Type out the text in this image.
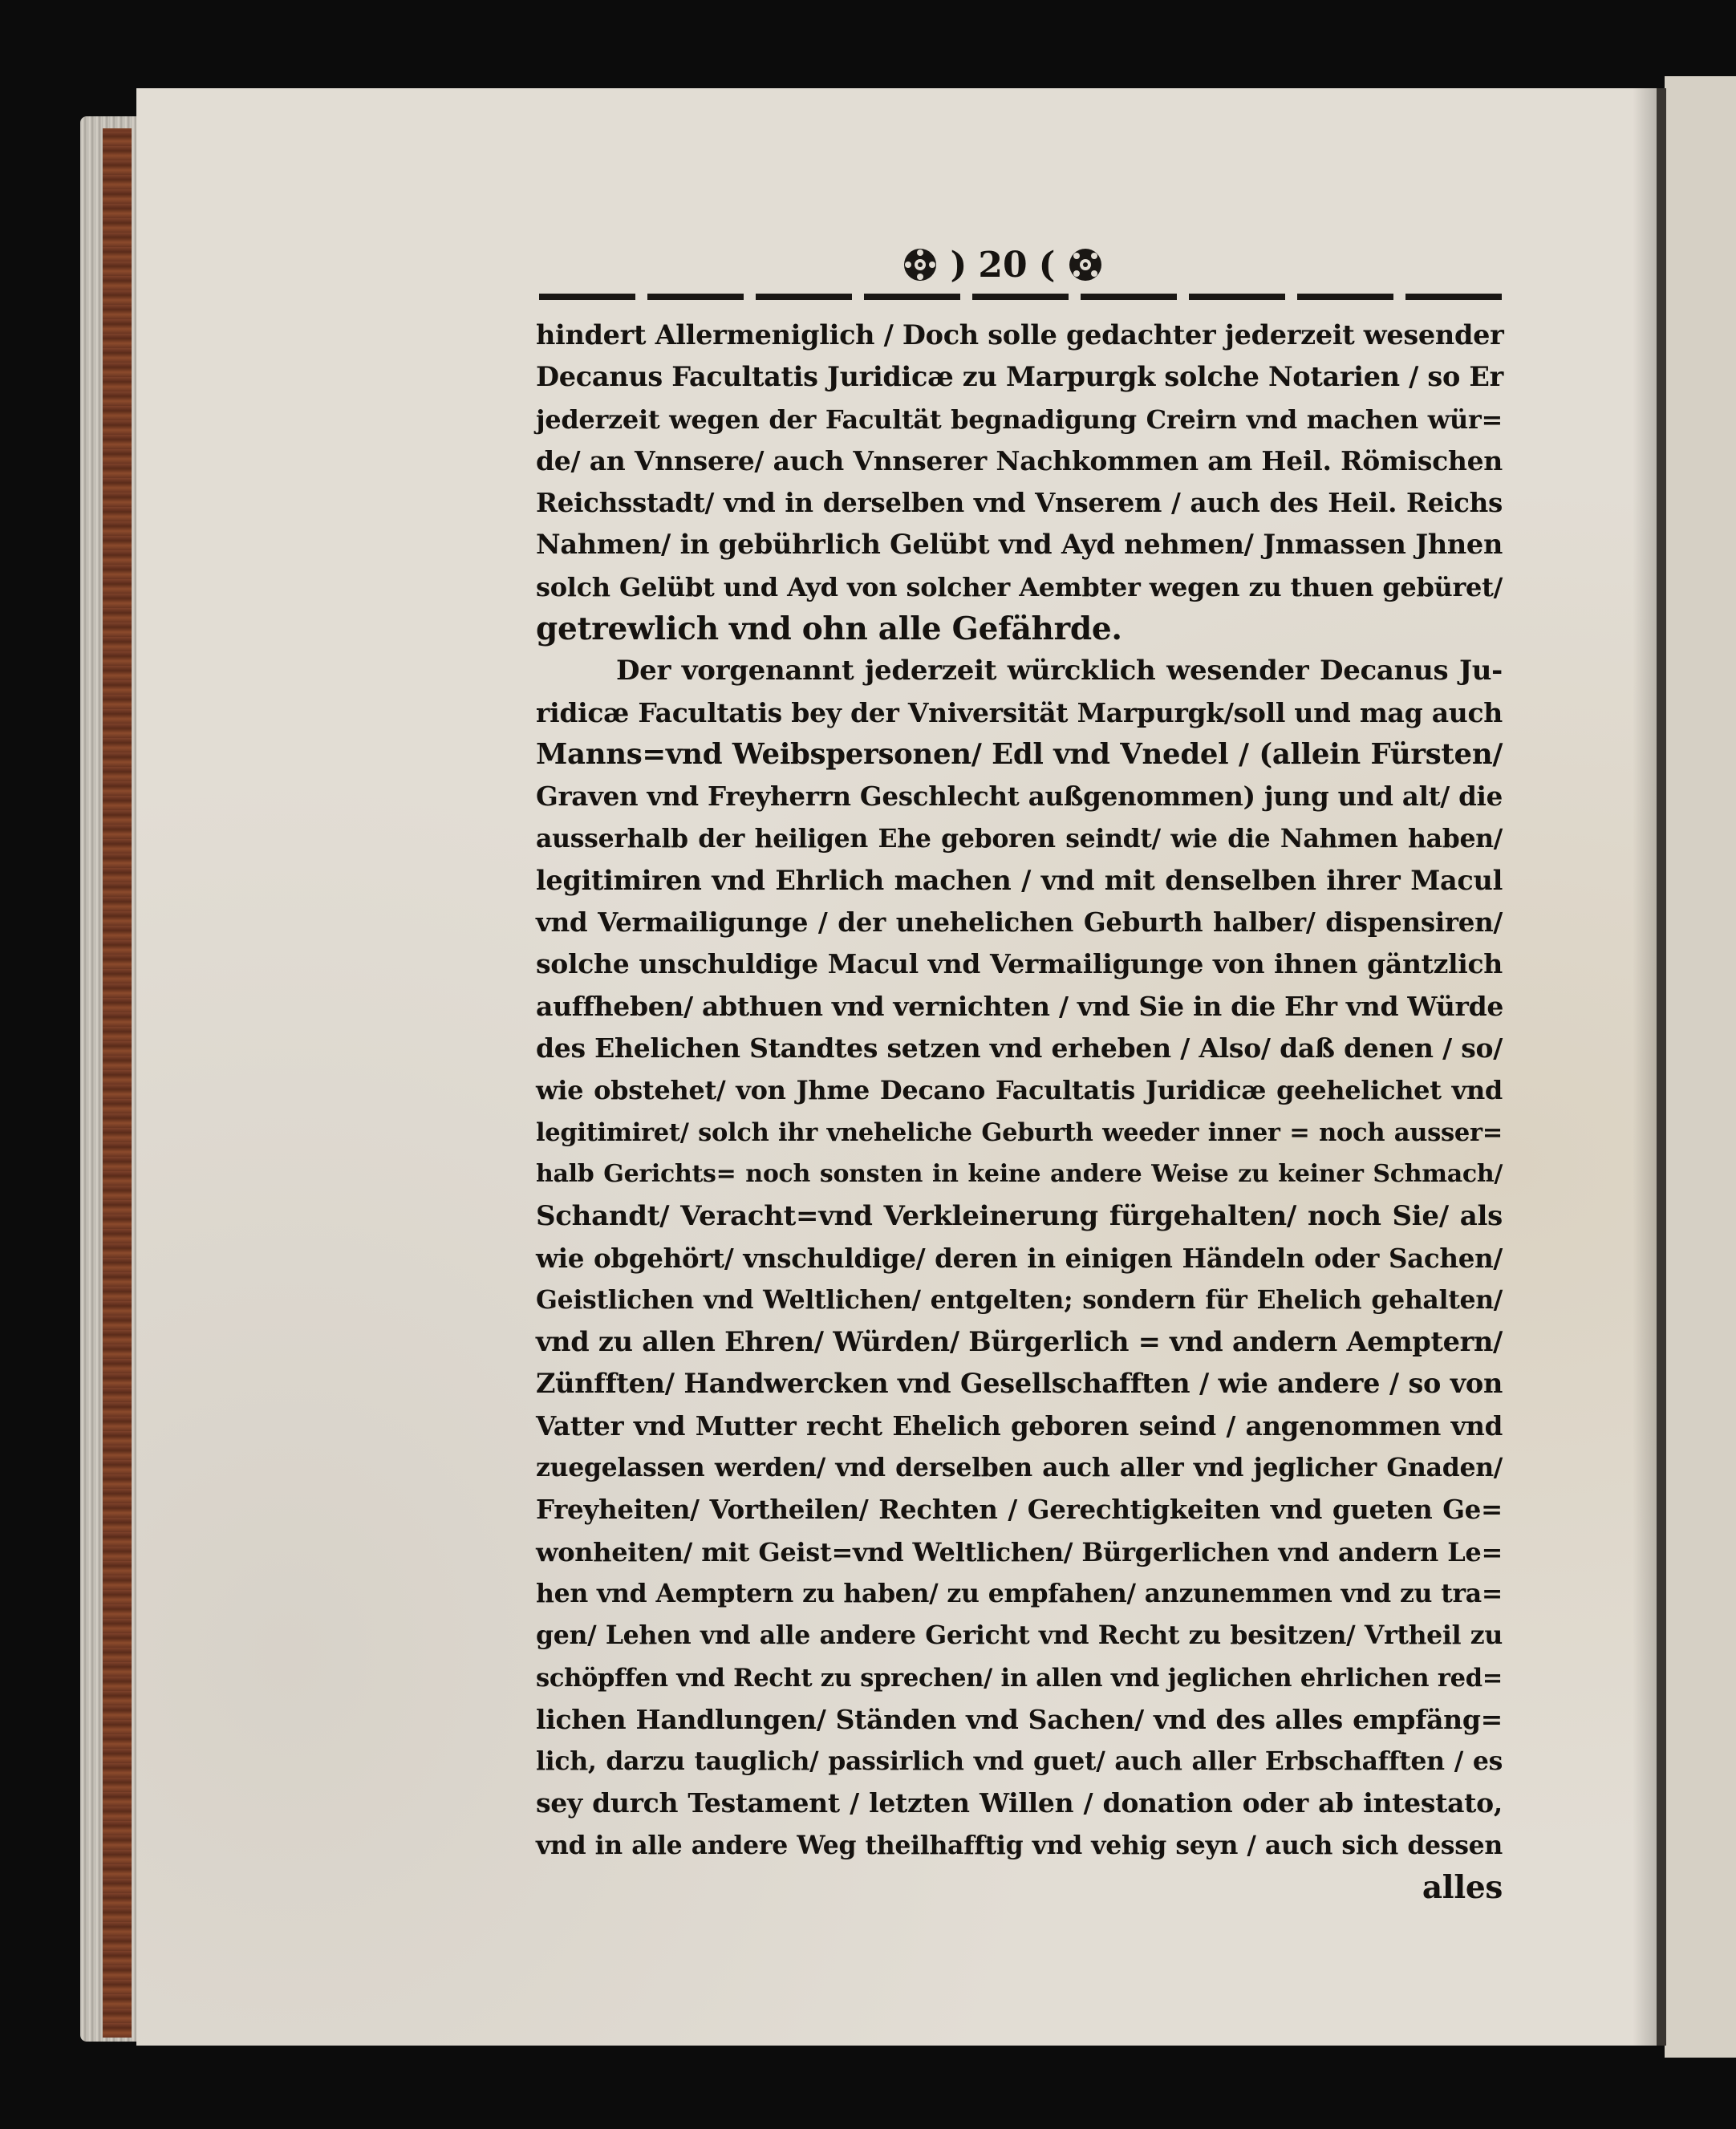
) 20 (
hindert Allermeniglich / Doch solle gedachter jederzeit wesender
Decanus Facultatis Juridicæ zu Marpurgk solche Notarien / so Er
jederzeit wegen der Facultät begnadigung Creirn vnd machen wür=
de/ an Vnnsere/ auch Vnnserer Nachkommen am Heil. Römischen
Reichsstadt/ vnd in derselben vnd Vnserem / auch des Heil. Reichs
Nahmen/ in gebührlich Gelübt vnd Ayd nehmen/ Jnmassen Jhnen
solch Gelübt und Ayd von solcher Aembter wegen zu thuen gebüret/
getrewlich vnd ohn alle Gefährde.
Der vorgenannt jederzeit würcklich wesender Decanus Ju-
ridicæ Facultatis bey der Vniversität Marpurgk/soll und mag auch
Manns=vnd Weibspersonen/ Edl vnd Vnedel / (allein Fürsten/
Graven vnd Freyherrn Geschlecht außgenommen) jung und alt/ die
ausserhalb der heiligen Ehe geboren seindt/ wie die Nahmen haben/
legitimiren vnd Ehrlich machen / vnd mit denselben ihrer Macul
vnd Vermailigunge / der unehelichen Geburth halber/ dispensiren/
solche unschuldige Macul vnd Vermailigunge von ihnen gäntzlich
auffheben/ abthuen vnd vernichten / vnd Sie in die Ehr vnd Würde
des Ehelichen Standtes setzen vnd erheben / Also/ daß denen / so/
wie obstehet/ von Jhme Decano Facultatis Juridicæ geehelichet vnd
legitimiret/ solch ihr vneheliche Geburth weeder inner = noch ausser=
halb Gerichts= noch sonsten in keine andere Weise zu keiner Schmach/
Schandt/ Veracht=vnd Verkleinerung fürgehalten/ noch Sie/ als
wie obgehört/ vnschuldige/ deren in einigen Händeln oder Sachen/
Geistlichen vnd Weltlichen/ entgelten; sondern für Ehelich gehalten/
vnd zu allen Ehren/ Würden/ Bürgerlich = vnd andern Aemptern/
Zünfften/ Handwercken vnd Gesellschafften / wie andere / so von
Vatter vnd Mutter recht Ehelich geboren seind / angenommen vnd
zuegelassen werden/ vnd derselben auch aller vnd jeglicher Gnaden/
Freyheiten/ Vortheilen/ Rechten / Gerechtigkeiten vnd gueten Ge=
wonheiten/ mit Geist=vnd Weltlichen/ Bürgerlichen vnd andern Le=
hen vnd Aemptern zu haben/ zu empfahen/ anzunemmen vnd zu tra=
gen/ Lehen vnd alle andere Gericht vnd Recht zu besitzen/ Vrtheil zu
schöpffen vnd Recht zu sprechen/ in allen vnd jeglichen ehrlichen red=
lichen Handlungen/ Ständen vnd Sachen/ vnd des alles empfäng=
lich, darzu tauglich/ passirlich vnd guet/ auch aller Erbschafften / es
sey durch Testament / letzten Willen / donation oder ab intestato,
vnd in alle andere Weg theilhafftig vnd vehig seyn / auch sich dessen
alles
